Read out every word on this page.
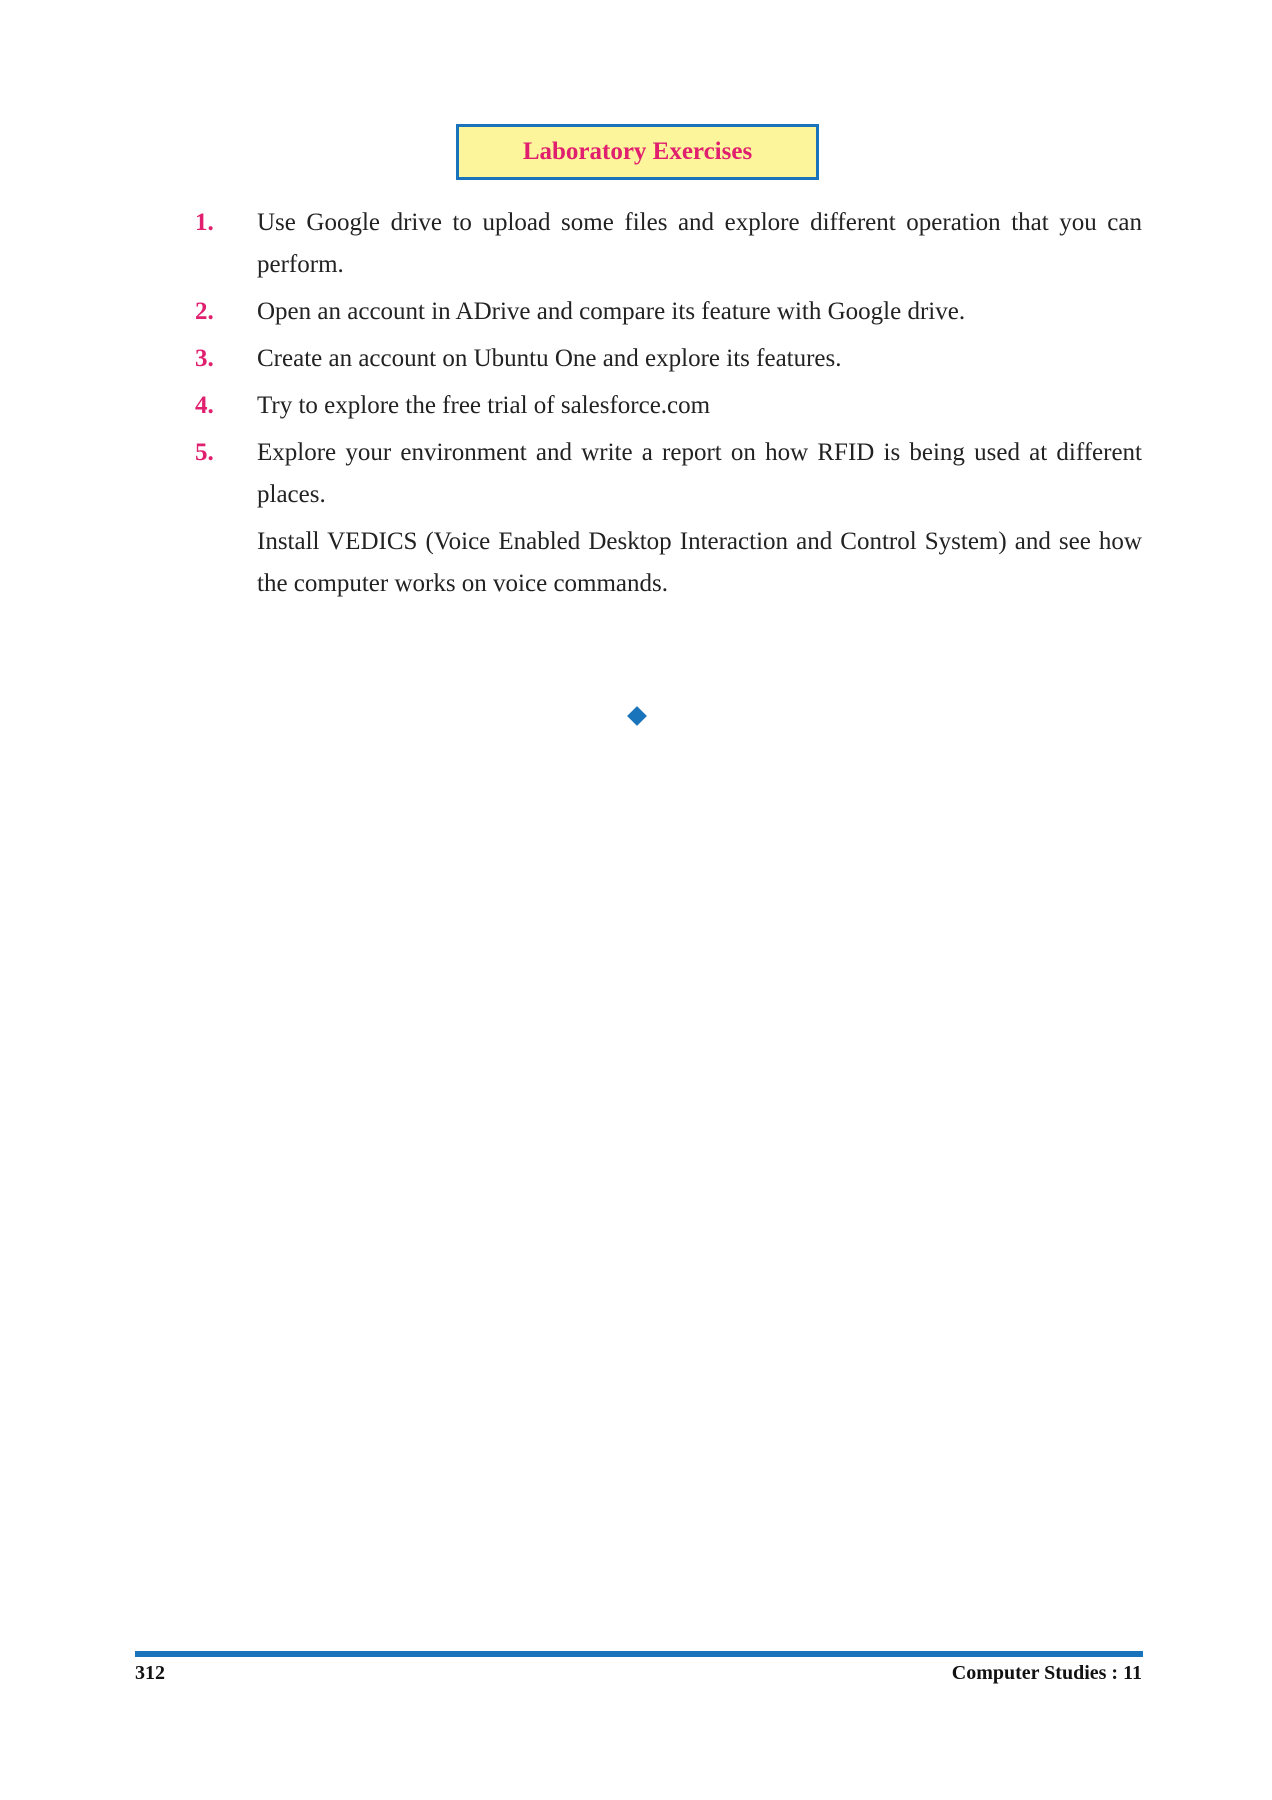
Laboratory Exercises
1. Use Google drive to upload some files and explore different operation that you can perform.
2. Open an account in ADrive and compare its feature with Google drive.
3. Create an account on Ubuntu One and explore its features.
4. Try to explore the free trial of salesforce.com
5. Explore your environment and write a report on how RFID is being used at different places.
Install VEDICS (Voice Enabled Desktop Interaction and Control System) and see how the computer works on voice commands.
312	Computer Studies : 11
